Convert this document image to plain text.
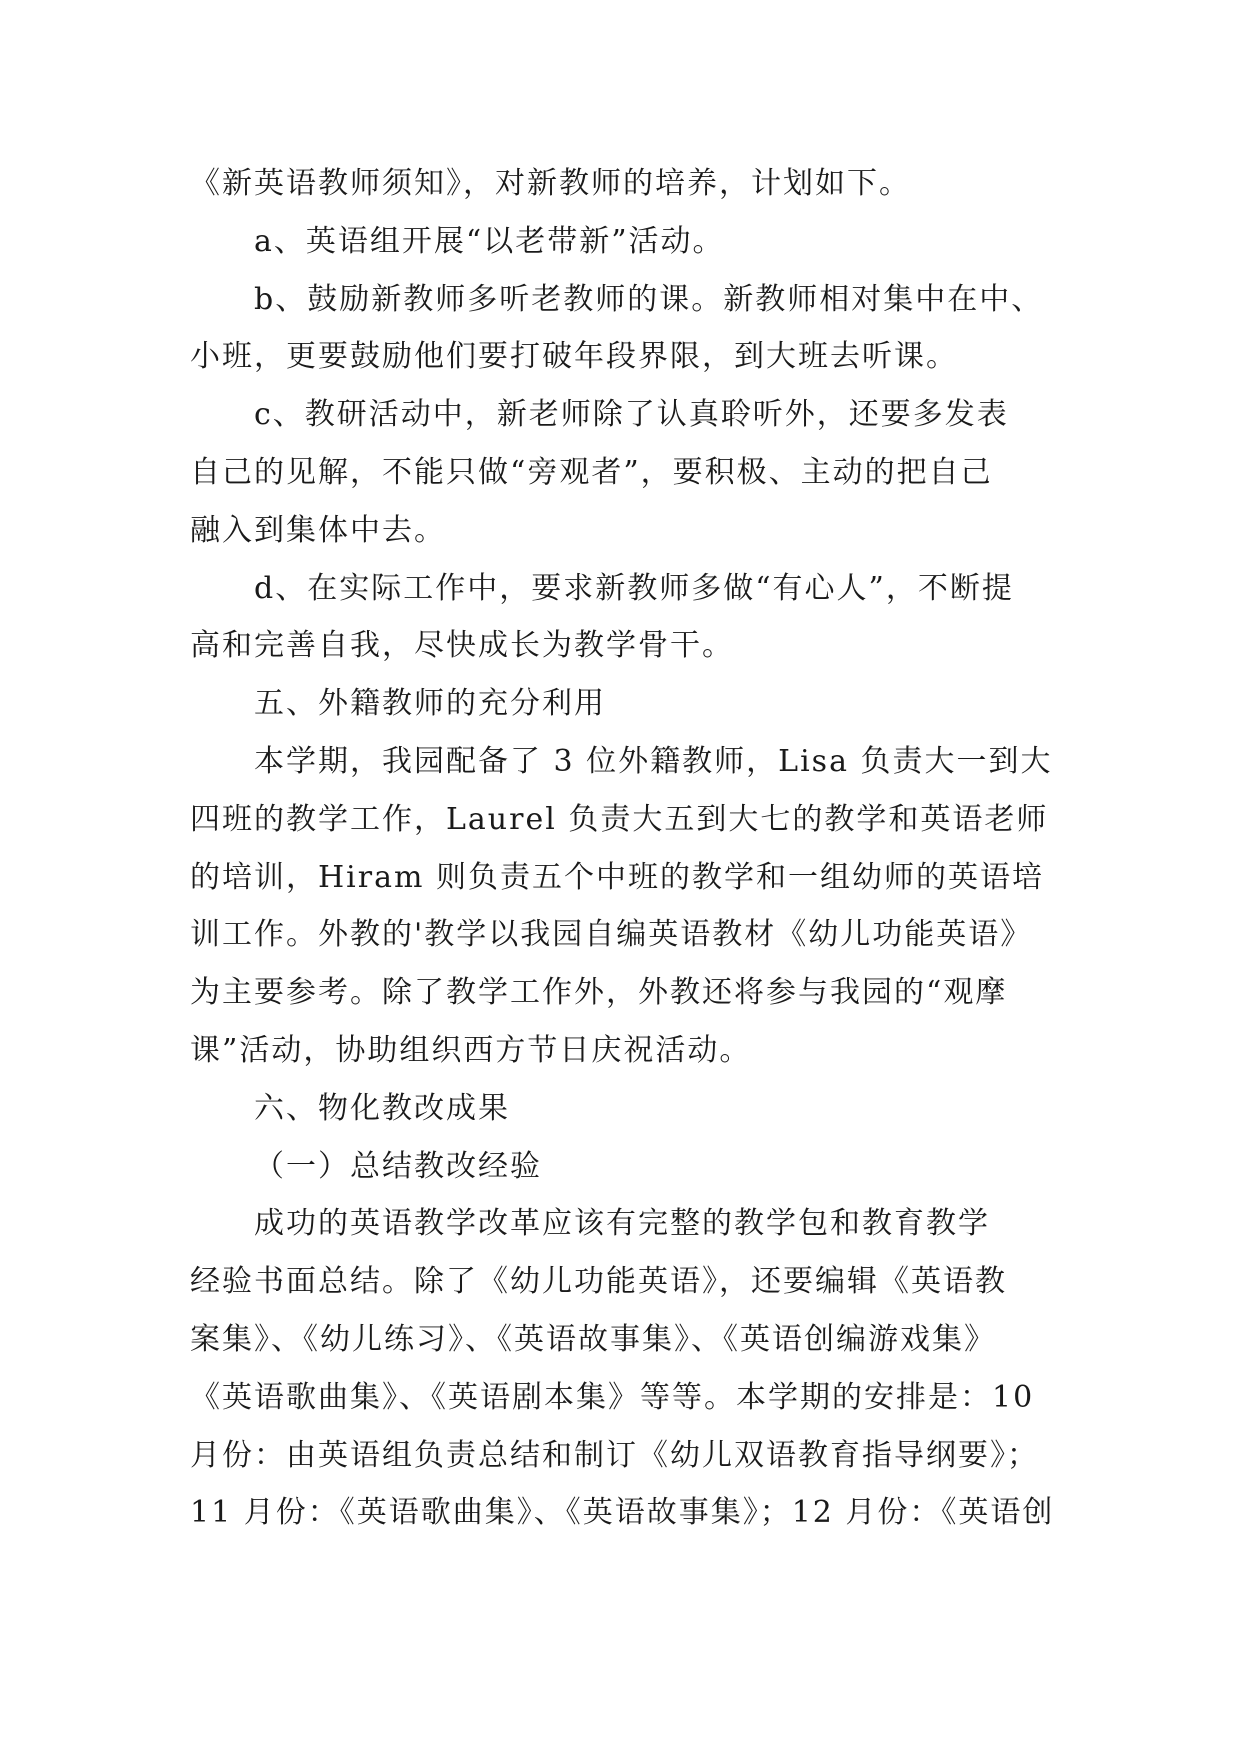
《新英语教师须知》，对新教师的培养，计划如下。
a、英语组开展“以老带新”活动。
b、鼓励新教师多听老教师的课。新教师相对集中在中、
小班，更要鼓励他们要打破年段界限，到大班去听课。
c、教研活动中，新老师除了认真聆听外，还要多发表
自己的见解，不能只做“旁观者”，要积极、主动的把自己
融入到集体中去。
d、在实际工作中，要求新教师多做“有心人”，不断提
高和完善自我，尽快成长为教学骨干。
五、外籍教师的充分利用
本学期，我园配备了 3 位外籍教师，Lisa 负责大一到大
四班的教学工作，Laurel 负责大五到大七的教学和英语老师
的培训，Hiram 则负责五个中班的教学和一组幼师的英语培
训工作。外教的'教学以我园自编英语教材《幼儿功能英语》
为主要参考。除了教学工作外，外教还将参与我园的“观摩
课”活动，协助组织西方节日庆祝活动。
六、物化教改成果
（一）总结教改经验
成功的英语教学改革应该有完整的教学包和教育教学
经验书面总结。除了《幼儿功能英语》，还要编辑《英语教
案集》、《幼儿练习》、《英语故事集》、《英语创编游戏集》
《英语歌曲集》、《英语剧本集》等等。本学期的安排是：10
月份：由英语组负责总结和制订《幼儿双语教育指导纲要》；
11 月份：《英语歌曲集》、《英语故事集》；12 月份：《英语创
